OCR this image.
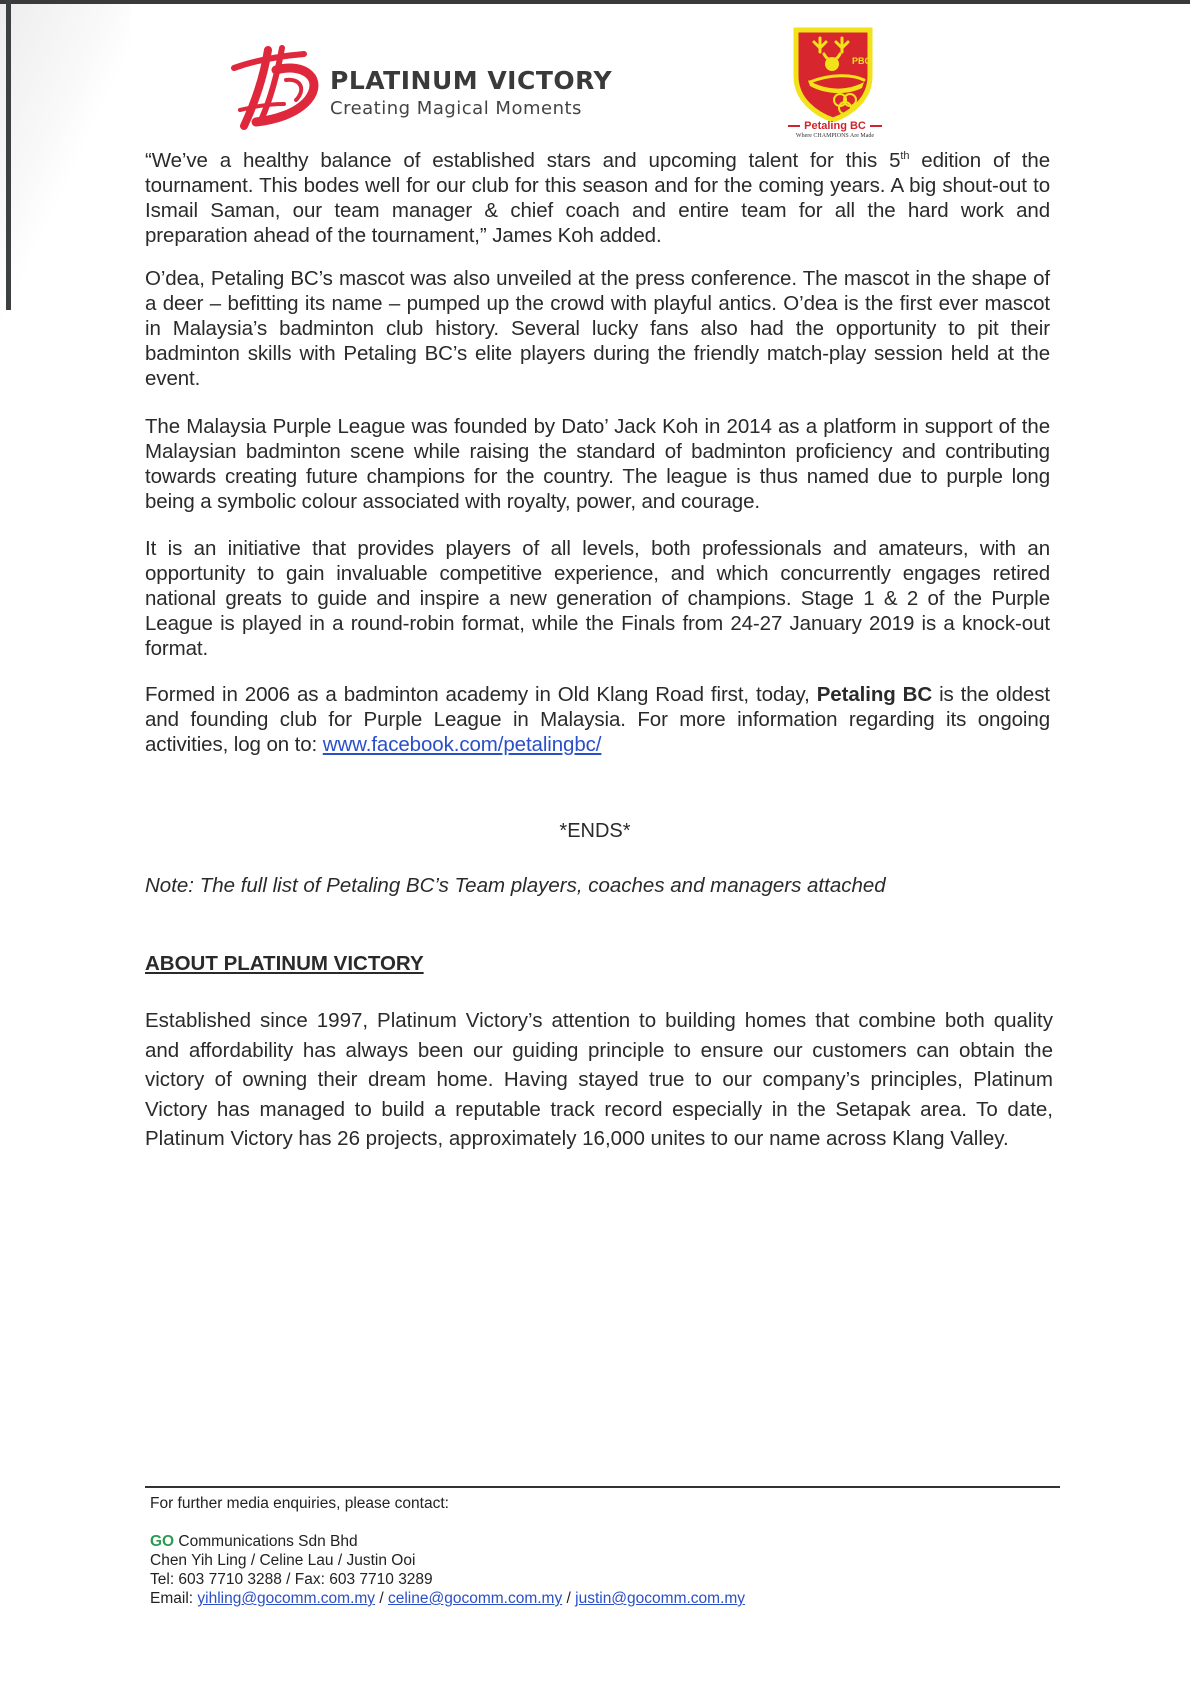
PLATINUM VICTORY
Creating Magical Moments
PBC
Petaling BC
Where CHAMPIONS Are Made

“We’ve a healthy balance of established stars and upcoming talent for this 5th edition of the tournament. This bodes well for our club for this season and for the coming years. A big shout-out to Ismail Saman, our team manager & chief coach and entire team for all the hard work and preparation ahead of the tournament,” James Koh added.

O’dea, Petaling BC’s mascot was also unveiled at the press conference. The mascot in the shape of a deer – befitting its name – pumped up the crowd with playful antics. O’dea is the first ever mascot in Malaysia’s badminton club history. Several lucky fans also had the opportunity to pit their badminton skills with Petaling BC’s elite players during the friendly match-play session held at the event.

The Malaysia Purple League was founded by Dato’ Jack Koh in 2014 as a platform in support of the Malaysian badminton scene while raising the standard of badminton proficiency and contributing towards creating future champions for the country. The league is thus named due to purple long being a symbolic colour associated with royalty, power, and courage.

It is an initiative that provides players of all levels, both professionals and amateurs, with an opportunity to gain invaluable competitive experience, and which concurrently engages retired national greats to guide and inspire a new generation of champions. Stage 1 & 2 of the Purple League is played in a round-robin format, while the Finals from 24-27 January 2019 is a knock-out format.

Formed in 2006 as a badminton academy in Old Klang Road first, today, Petaling BC is the oldest and founding club for Purple League in Malaysia. For more information regarding its ongoing activities, log on to: www.facebook.com/petalingbc/

*ENDS*
Note: The full list of Petaling BC’s Team players, coaches and managers attached
ABOUT PLATINUM VICTORY

Established since 1997, Platinum Victory’s attention to building homes that combine both quality and affordability has always been our guiding principle to ensure our customers can obtain the victory of owning their dream home. Having stayed true to our company’s principles, Platinum Victory has managed to build a reputable track record especially in the Setapak area. To date, Platinum Victory has 26 projects, approximately 16,000 unites to our name across Klang Valley.

For further media enquiries, please contact:
GO Communications Sdn Bhd
Chen Yih Ling / Celine Lau / Justin Ooi
Tel: 603 7710 3288 / Fax: 603 7710 3289
Email: yihling@gocomm.com.my / celine@gocomm.com.my / justin@gocomm.com.my
